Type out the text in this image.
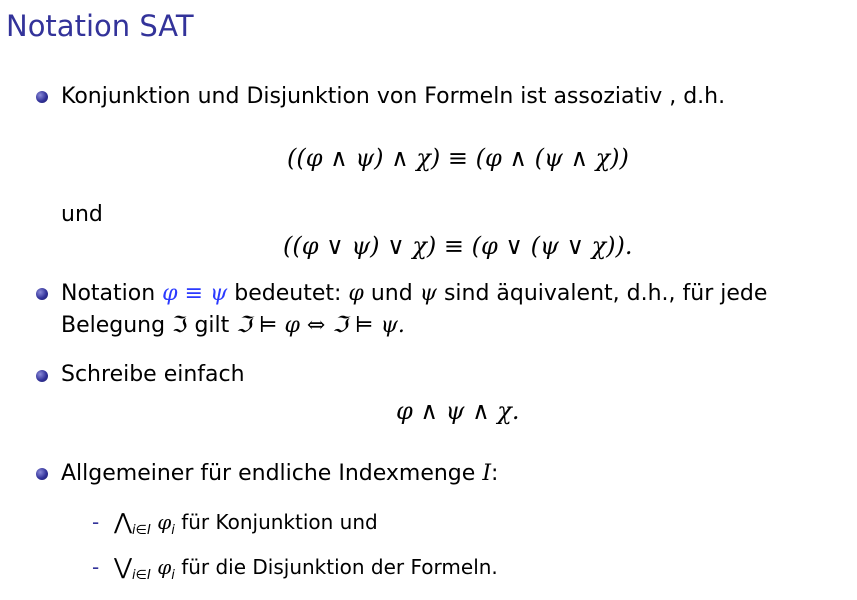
Notation SAT
Konjunktion und Disjunktion von Formeln ist assoziativ , d.h.
((φ ∧ ψ) ∧ χ) ≡ (φ ∧ (ψ ∧ χ))
und
((φ ∨ ψ) ∨ χ) ≡ (φ ∨ (ψ ∨ χ)).
Notation φ ≡ ψ bedeutet: φ und ψ sind äquivalent, d.h., für jede
Belegung ℑ gilt ℑ ⊨ φ ⇔ ℑ ⊨ ψ.
Schreibe einfach
φ ∧ ψ ∧ χ.
Allgemeiner für endliche Indexmenge I:
- $⋀_{i\in I}$ $\varphi_i$ für Konjunktion und
- $⋁_{i\in I}$ $\varphi_i$ für die Disjunktion der Formeln.
